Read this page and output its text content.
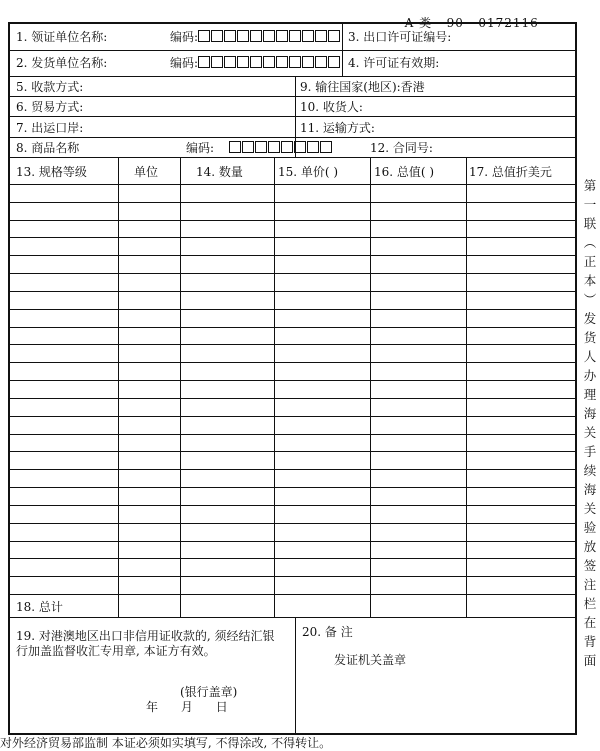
A 类 90 0172116

1. 领证单位名称:	编码:	3. 出口许可证编号:
2. 发货单位名称:	编码:	4. 许可证有效期:
5. 收款方式:	9. 输往国家(地区):香港
6. 贸易方式:	10. 收货人:
7. 出运口岸:	11. 运输方式:
8. 商品名称	编码:	12. 合同号:
13. 规格等级	单位	14. 数量	15. 单价( )	16. 总值( )	17. 总值折美元
18. 总计
19. 对港澳地区出口非信用证收款的, 须经结汇银行加盖监督收汇专用章, 本证方有效。
(银行盖章)
年      月      日
20. 备 注
发证机关盖章
第
一
联
︵
正
本
︶
发
货
人
办
理
海
关
手
续
海
关
验
放
签
注
栏
在
背
面
对外经济贸易部监制 本证必须如实填写, 不得涂改, 不得转让。
